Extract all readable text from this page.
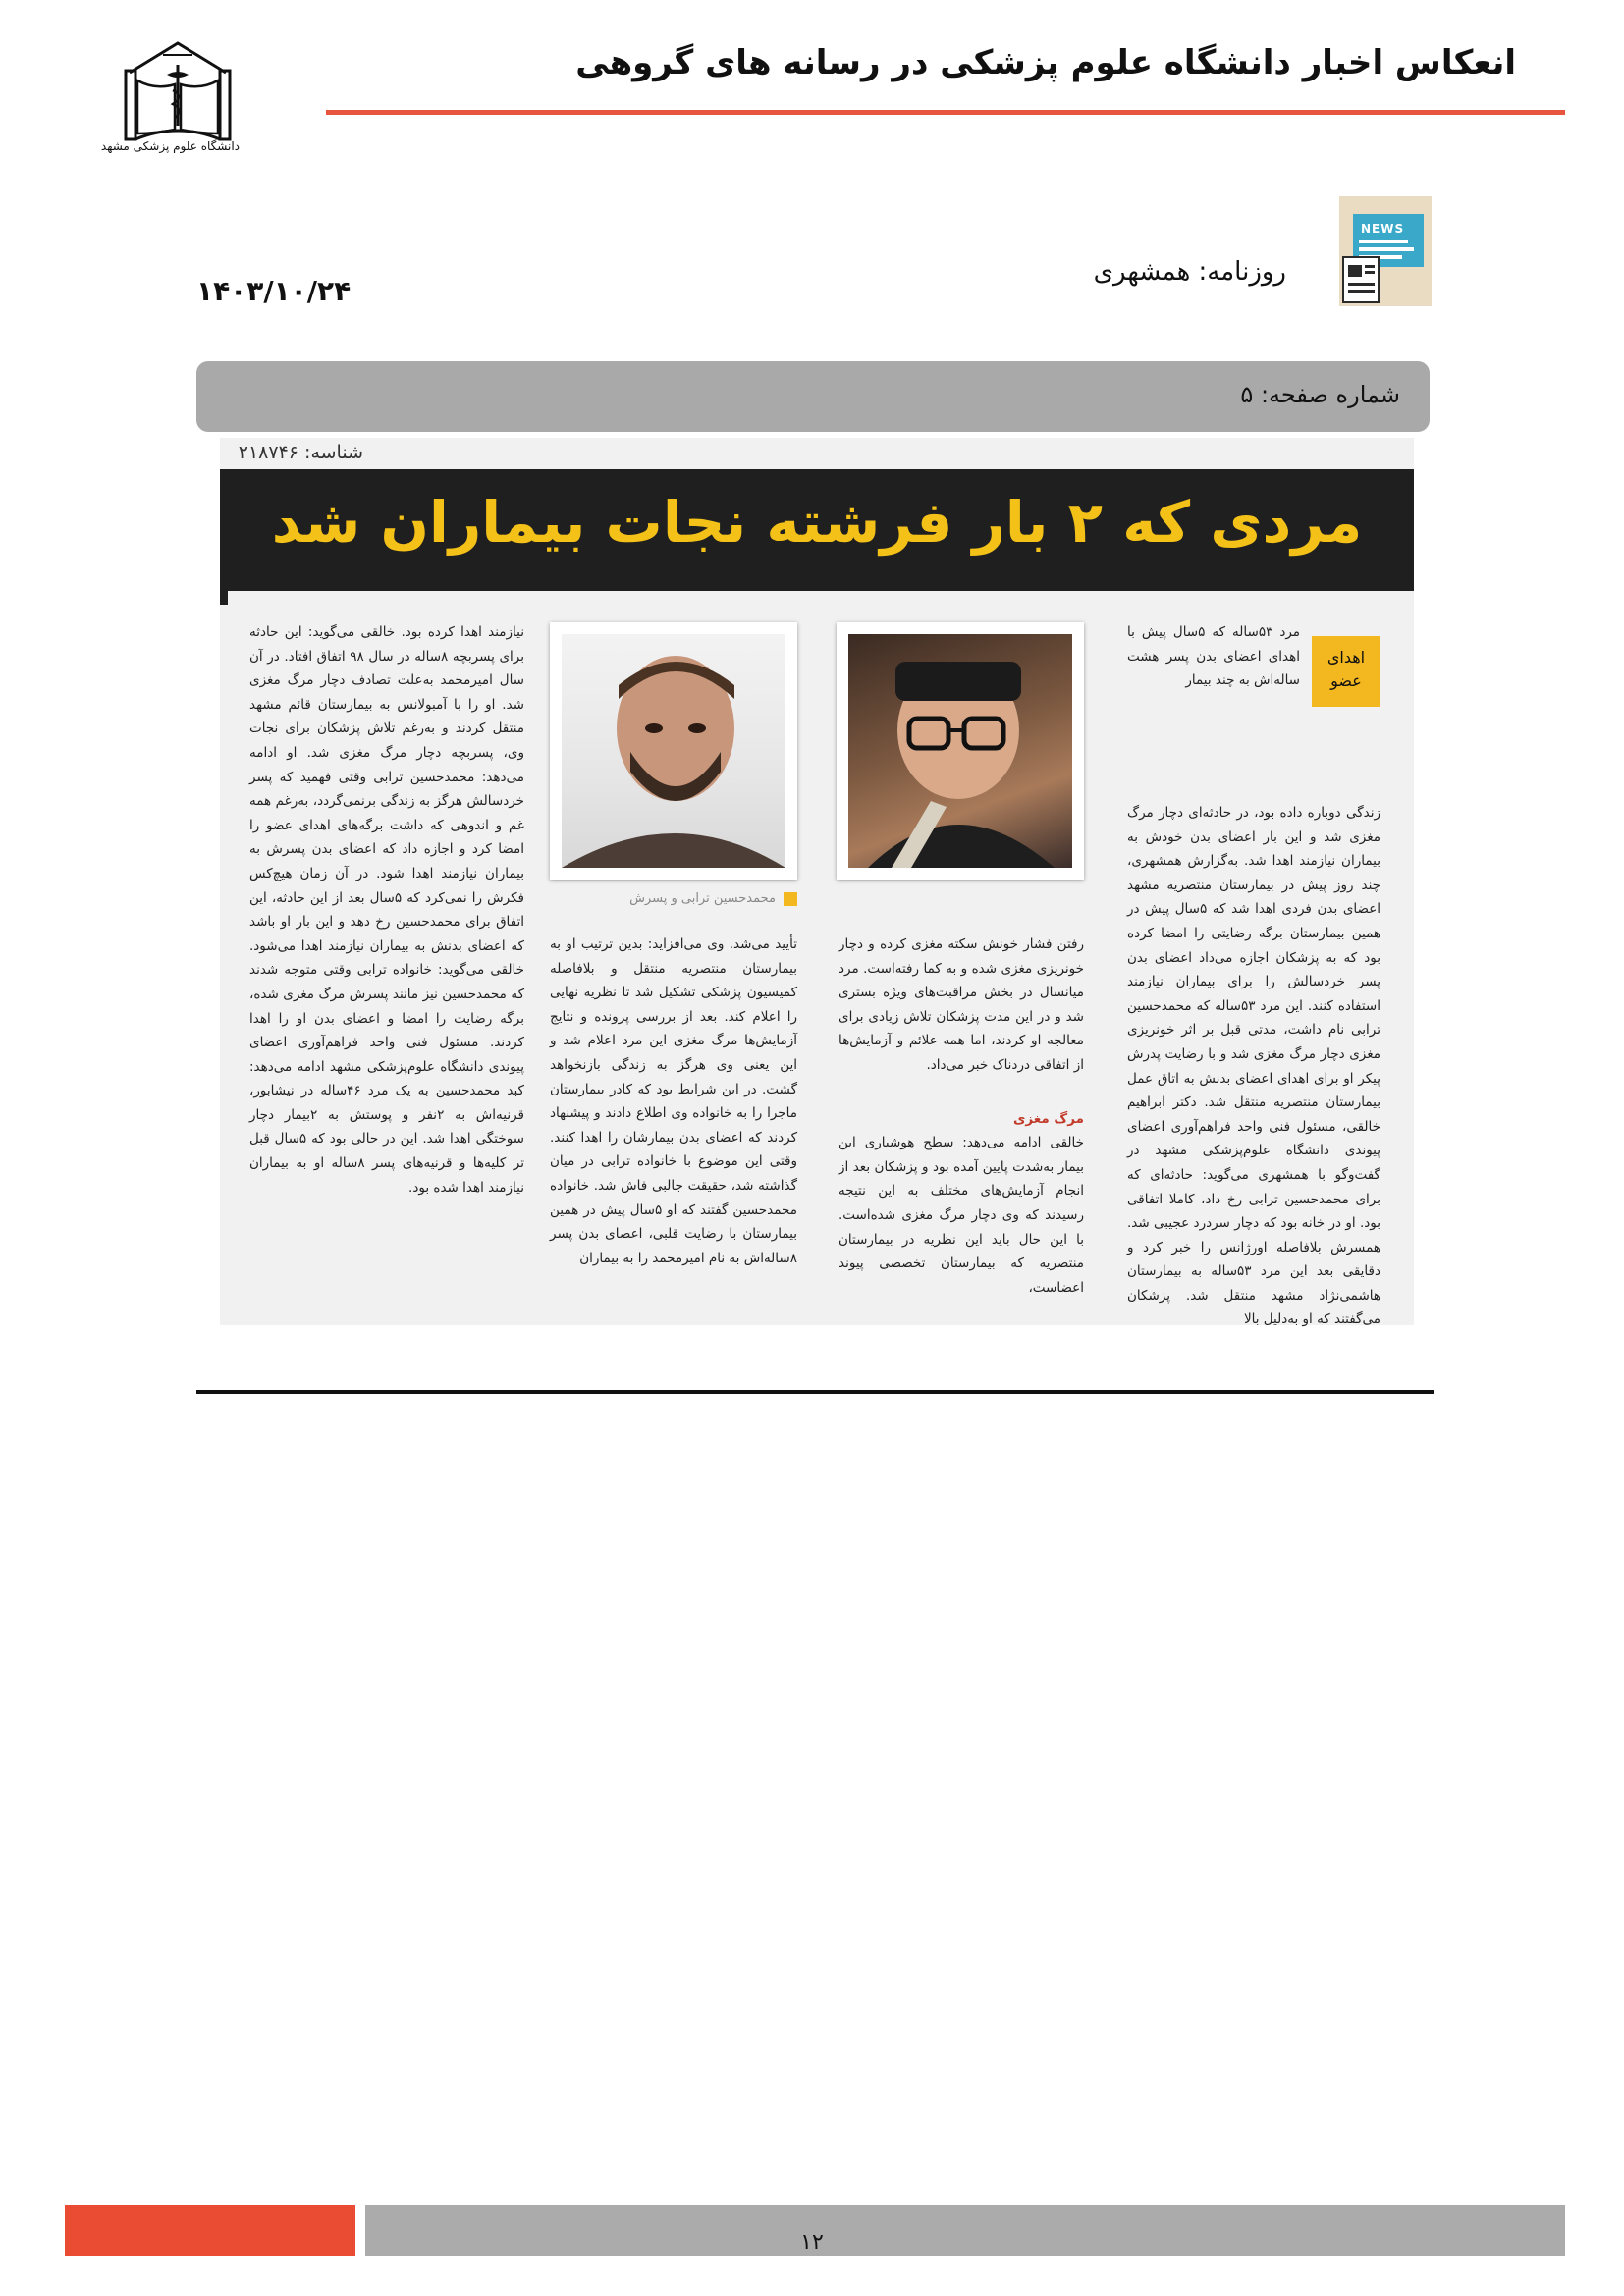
انعکاس اخبار دانشگاه علوم پزشکی در رسانه های گروهی
دانشگاه علوم پزشکی مشهد
NEWS
روزنامه: همشهری
۱۴۰۳/۱۰/۲۴
شماره صفحه: ۵
مردی که ۲ بار فرشته نجات بیماران شد
شناسه: ۲۱۸۷۴۶
اهدای عضو

مرد ۵۳ساله که ۵سال پیش با اهدای اعضای بدن پسر هشت ساله‌اش به چند بیمار

زندگی دوباره داده بود، در حادثه‌ای دچار مرگ مغزی شد و این بار اعضای بدن خودش به بیماران نیازمند اهدا شد. به‌گزارش همشهری، چند روز پیش در بیمارستان منتصریه مشهد اعضای بدن فردی اهدا شد که ۵سال پیش در همین بیمارستان برگه رضایتی را امضا کرده بود که به پزشکان اجازه می‌داد اعضای بدن پسر خردسالش را برای بیماران نیازمند استفاده کنند. این مرد ۵۳ساله که محمدحسین ترابی نام داشت، مدتی قبل بر اثر خونریزی مغزی دچار مرگ مغزی شد و با رضایت پدرش پیکر او برای اهدای اعضای بدنش به اتاق عمل بیمارستان منتصریه منتقل شد. دکتر ابراهیم خالقی، مسئول فنی واحد فراهم‌آوری اعضای پیوندی دانشگاه علوم‌پزشکی مشهد در گفت‌وگو با همشهری می‌گوید: حادثه‌ای که برای محمدحسین ترابی رخ داد، کاملا اتفاقی بود. او در خانه بود که دچار سردرد عجیبی شد. همسرش بلافاصله اورژانس را خبر کرد و دقایقی بعد این مرد ۵۳ساله به بیمارستان هاشمی‌نژاد مشهد منتقل شد. پزشکان می‌گفتند که او به‌دلیل بالا

محمدحسین ترابی و پسرش

رفتن فشار خونش سکته مغزی کرده و دچار خونریزی مغزی شده و به کما رفته‌است. مرد میانسال در بخش مراقبت‌های ویژه بستری شد و در این مدت پزشکان تلاش زیادی برای معالجه او کردند، اما همه علائم و آزمایش‌ها از اتفاقی دردناک خبر می‌داد.

مرگ مغزی

خالقی ادامه می‌دهد: سطح هوشیاری این بیمار به‌شدت پایین آمده بود و پزشکان بعد از انجام آزمایش‌های مختلف به این نتیجه رسیدند که وی دچار مرگ مغزی شده‌است. با این حال باید این نظریه در بیمارستان منتصریه که بیمارستان تخصصی پیوند اعضاست،

تأیید می‌شد. وی می‌افزاید: بدین ترتیب او به بیمارستان منتصریه منتقل و بلافاصله کمیسیون پزشکی تشکیل شد تا نظریه نهایی را اعلام کند. بعد از بررسی پرونده و نتایج آزمایش‌ها مرگ مغزی این مرد اعلام شد و این یعنی وی هرگز به زندگی بازنخواهد گشت. در این شرایط بود که کادر بیمارستان ماجرا را به خانواده وی اطلاع دادند و پیشنهاد کردند که اعضای بدن بیمارشان را اهدا کنند. وقتی این موضوع با خانواده ترابی در میان گذاشته شد، حقیقت جالبی فاش شد. خانواده محمدحسین گفتند که او ۵سال پیش در همین بیمارستان با رضایت قلبی، اعضای بدن پسر ۸ساله‌اش به نام امیرمحمد را به بیماران

نیازمند اهدا کرده بود. خالقی می‌گوید: این حادثه برای پسربچه ۸ساله در سال ۹۸ اتفاق افتاد. در آن سال امیرمحمد به‌علت تصادف دچار مرگ مغزی شد. او را با آمبولانس به بیمارستان قائم مشهد منتقل کردند و به‌رغم تلاش پزشکان برای نجات وی، پسربچه دچار مرگ مغزی شد. او ادامه می‌دهد: محمدحسین ترابی وقتی فهمید که پسر خردسالش هرگز به زندگی برنمی‌گردد، به‌رغم همه غم و اندوهی که داشت برگه‌های اهدای عضو را امضا کرد و اجازه داد که اعضای بدن پسرش به بیماران نیازمند اهدا شود. در آن زمان هیچ‌کس فکرش را نمی‌کرد که ۵سال بعد از این حادثه، این اتفاق برای محمدحسین رخ دهد و این بار او باشد که اعضای بدنش به بیماران نیازمند اهدا می‌شود. خالقی می‌گوید: خانواده ترابی وقتی متوجه شدند که محمدحسین نیز مانند پسرش مرگ مغزی شده، برگه رضایت را امضا و اعضای بدن او را اهدا کردند. مسئول فنی واحد فراهم‌آوری اعضای پیوندی دانشگاه علوم‌پزشکی مشهد ادامه می‌دهد: کبد محمدحسین به یک مرد ۴۶ساله در نیشابور، قرنیه‌اش به ۲نفر و پوستش به ۲بیمار دچار سوختگی اهدا شد. این در حالی بود که ۵سال قبل تر کلیه‌ها و قرنیه‌های پسر ۸ساله او به بیماران نیازمند اهدا شده بود.

۱۲
